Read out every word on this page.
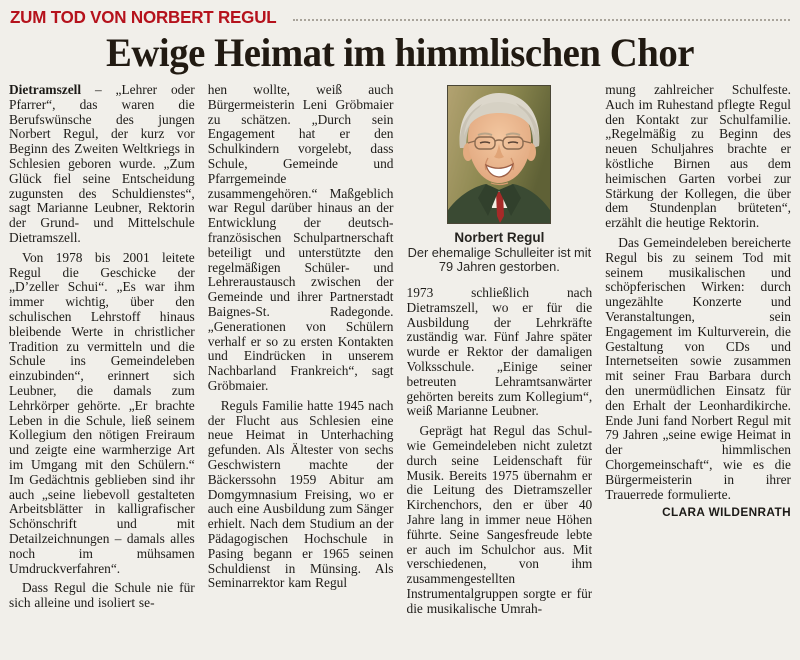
ZUM TOD VON NORBERT REGUL
Ewige Heimat im himmlischen Chor

Dietramszell – „Lehrer oder Pfarrer“, das waren die Berufswünsche des jungen Norbert Regul, der kurz vor Beginn des Zweiten Weltkriegs in Schlesien geboren wurde. „Zum Glück fiel seine Entscheidung zugunsten des Schuldienstes“, sagt Marianne Leubner, Rektorin der Grund- und Mittelschule Dietramszell.

Von 1978 bis 2001 leitete Regul die Geschicke der „D’zeller Schui“. „Es war ihm immer wichtig, über den schulischen Lehrstoff hinaus bleibende Werte in christlicher Tradition zu vermitteln und die Schule ins Gemeindeleben einzubinden“, erinnert sich Leubner, die damals zum Lehrkörper gehörte. „Er brachte Leben in die Schule, ließ seinem Kollegium den nötigen Freiraum und zeigte eine warmherzige Art im Umgang mit den Schülern.“ Im Gedächtnis geblieben sind ihr auch „seine liebevoll gestalteten Arbeitsblätter in kalligrafischer Schönschrift und mit Detailzeichnungen – damals alles noch im mühsamen Umdruckverfahren“.

Dass Regul die Schule nie für sich alleine und isoliert se-

hen wollte, weiß auch Bürgermeisterin Leni Gröbmaier zu schätzen. „Durch sein Engagement hat er den Schulkindern vorgelebt, dass Schule, Gemeinde und Pfarrgemeinde zusammengehören.“ Maßgeblich war Regul darüber hinaus an der Entwicklung der deutsch-französischen Schulpartnerschaft beteiligt und unterstützte den regelmäßigen Schüler- und Lehreraustausch zwischen der Gemeinde und ihrer Partnerstadt Baignes-St. Radegonde. „Generationen von Schülern verhalf er so zu ersten Kontakten und Eindrücken in unserem Nachbarland Frankreich“, sagt Gröbmaier.

Reguls Familie hatte 1945 nach der Flucht aus Schlesien eine neue Heimat in Unterhaching gefunden. Als Ältester von sechs Geschwistern machte der Bäckerssohn 1959 Abitur am Domgymnasium Freising, wo er auch eine Ausbildung zum Sänger erhielt. Nach dem Studium an der Pädagogischen Hochschule in Pasing begann er 1965 seinen Schuldienst in Münsing. Als Seminarrektor kam Regul

Norbert Regul
Der ehemalige Schulleiter ist mit 79 Jahren gestorben.

1973 schließlich nach Dietramszell, wo er für die Ausbildung der Lehrkräfte zuständig war. Fünf Jahre später wurde er Rektor der damaligen Volksschule. „Einige seiner betreuten Lehramtsanwärter gehörten bereits zum Kollegium“, weiß Marianne Leubner.

Geprägt hat Regul das Schul- wie Gemeindeleben nicht zuletzt durch seine Leidenschaft für Musik. Bereits 1975 übernahm er die Leitung des Dietramszeller Kirchenchors, den er über 40 Jahre lang in immer neue Höhen führte. Seine Sangesfreude lebte er auch im Schulchor aus. Mit verschiedenen, von ihm zusammengestellten Instrumentalgruppen sorgte er für die musikalische Umrah-

mung zahlreicher Schulfeste. Auch im Ruhestand pflegte Regul den Kontakt zur Schulfamilie. „Regelmäßig zu Beginn des neuen Schuljahres brachte er köstliche Birnen aus dem heimischen Garten vorbei zur Stärkung der Kollegen, die über dem Stundenplan brüteten“, erzählt die heutige Rektorin.

Das Gemeindeleben bereicherte Regul bis zu seinem Tod mit seinem musikalischen und schöpferischen Wirken: durch ungezählte Konzerte und Veranstaltungen, sein Engagement im Kulturverein, die Gestaltung von CDs und Internetseiten sowie zusammen mit seiner Frau Barbara durch den unermüdlichen Einsatz für den Erhalt der Leonhardikirche. Ende Juni fand Norbert Regul mit 79 Jahren „seine ewige Heimat in der himmlischen Chorgemeinschaft“, wie es die Bürgermeisterin in ihrer Trauerrede formulierte.

CLARA WILDENRATH
